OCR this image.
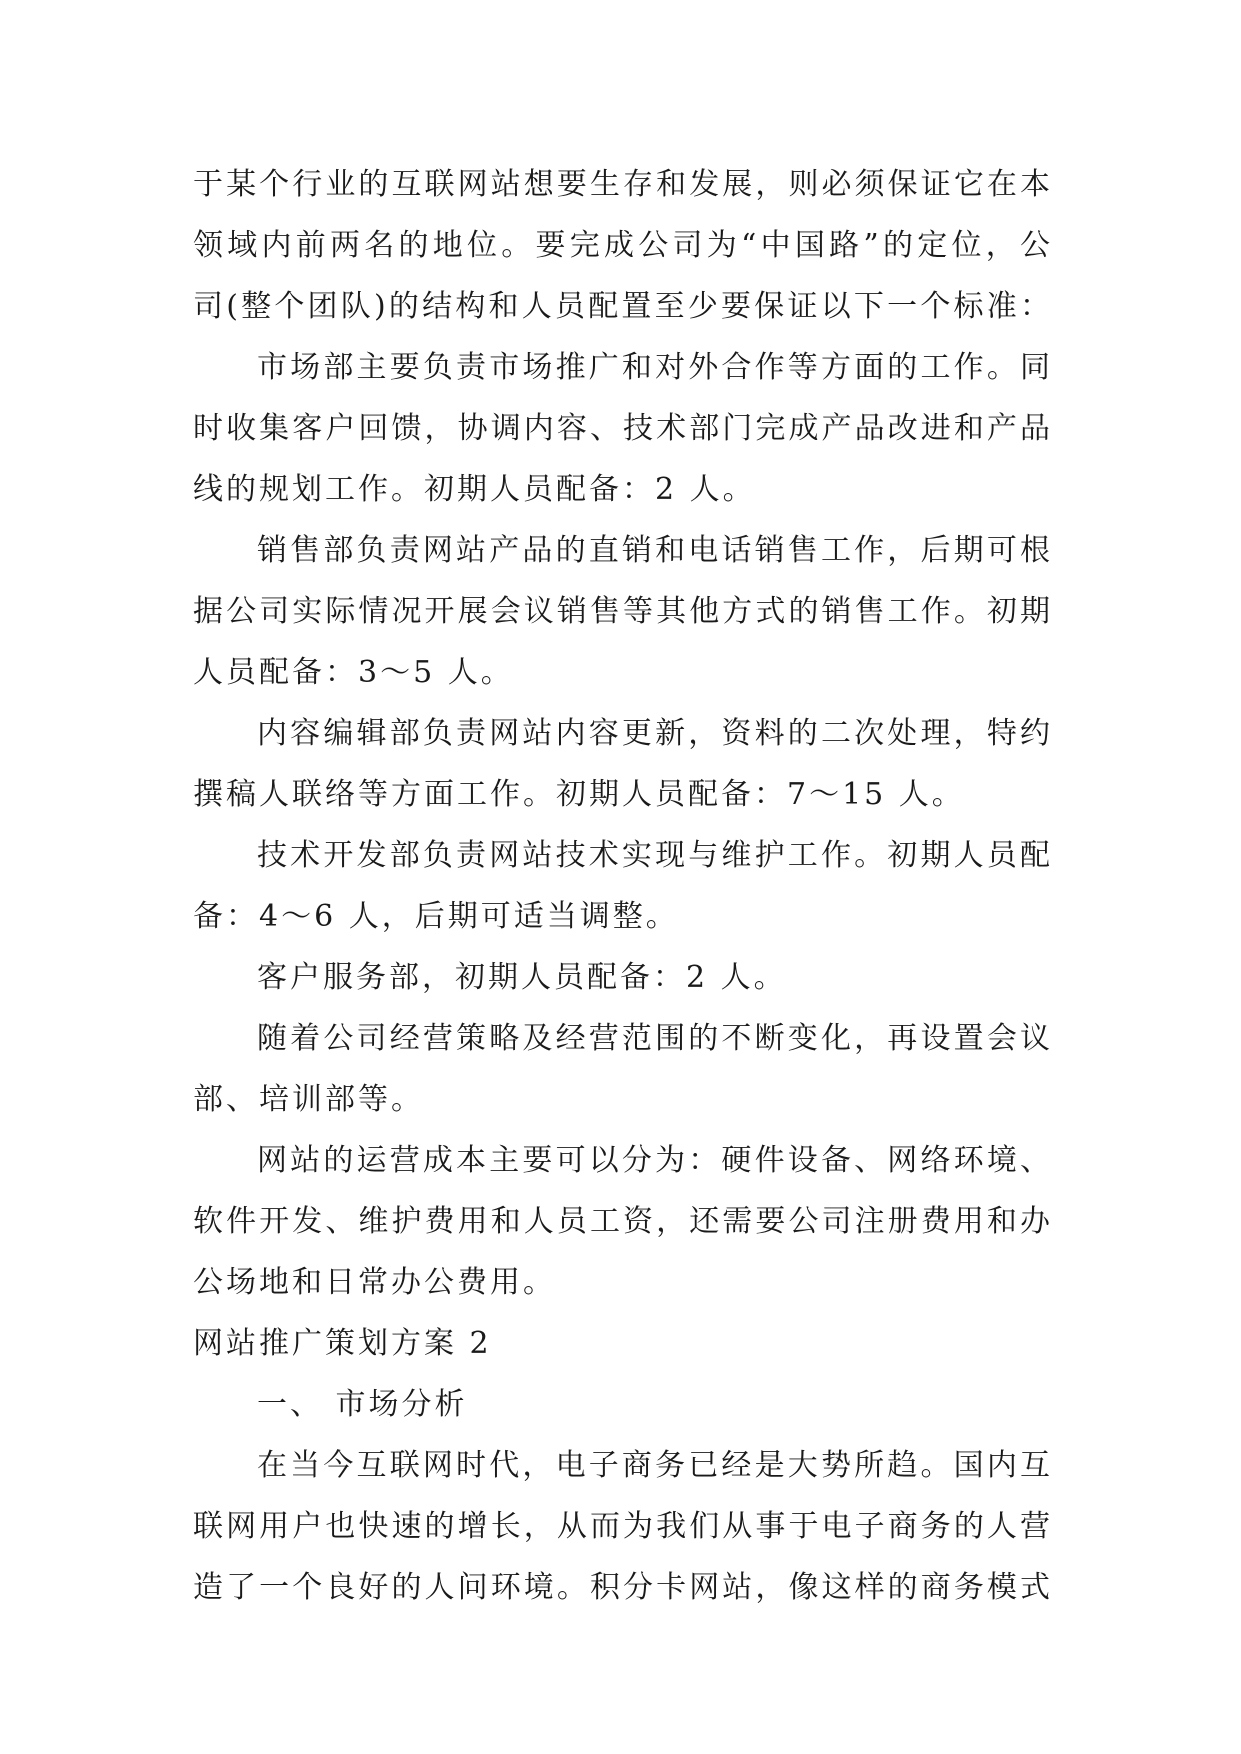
于某个行业的互联网站想要生存和发展，则必须保证它在本
领域内前两名的地位。要完成公司为“中国路”的定位，公
司(整个团队)的结构和人员配置至少要保证以下一个标准：
市场部主要负责市场推广和对外合作等方面的工作。同
时收集客户回馈，协调内容、技术部门完成产品改进和产品
线的规划工作。初期人员配备：2 人。
销售部负责网站产品的直销和电话销售工作，后期可根
据公司实际情况开展会议销售等其他方式的销售工作。初期
人员配备：3～5 人。
内容编辑部负责网站内容更新，资料的二次处理，特约
撰稿人联络等方面工作。初期人员配备：7～15 人。
技术开发部负责网站技术实现与维护工作。初期人员配
备：4～6 人，后期可适当调整。
客户服务部，初期人员配备：2 人。
随着公司经营策略及经营范围的不断变化，再设置会议
部、培训部等。
网站的运营成本主要可以分为：硬件设备、网络环境、
软件开发、维护费用和人员工资，还需要公司注册费用和办
公场地和日常办公费用。
网站推广策划方案 2
一、 市场分析
在当今互联网时代，电子商务已经是大势所趋。国内互
联网用户也快速的增长，从而为我们从事于电子商务的人营
造了一个良好的人问环境。积分卡网站，像这样的商务模式
